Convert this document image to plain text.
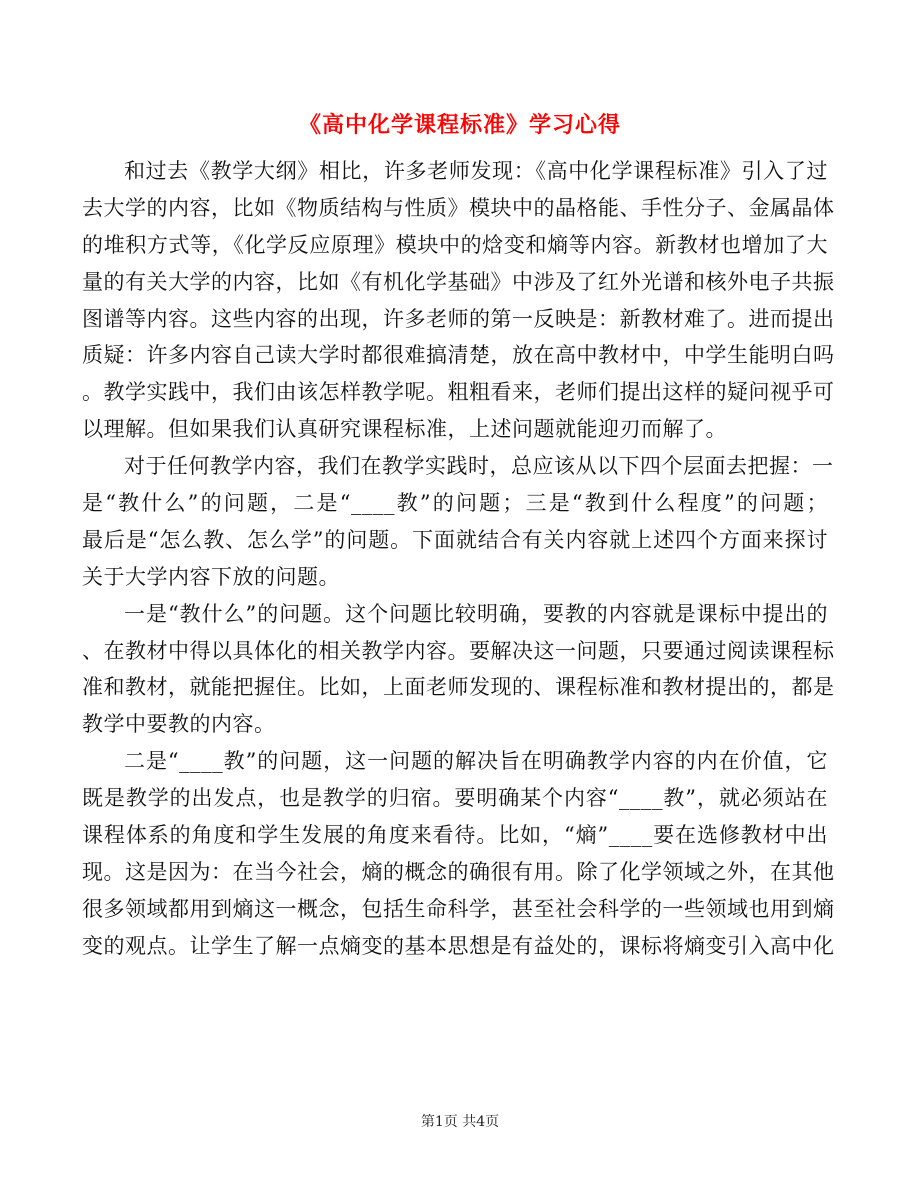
《高中化学课程标准》学习心得
和过去《教学大纲》相比，许多老师发现：《高中化学课程标准》引入了过
去大学的内容，比如《物质结构与性质》模块中的晶格能、手性分子、金属晶体
的堆积方式等，《化学反应原理》模块中的焓变和熵等内容。新教材也增加了大
量的有关大学的内容，比如《有机化学基础》中涉及了红外光谱和核外电子共振
图谱等内容。这些内容的出现，许多老师的第一反映是：新教材难了。进而提出
质疑：许多内容自己读大学时都很难搞清楚，放在高中教材中，中学生能明白吗
。教学实践中，我们由该怎样教学呢。粗粗看来，老师们提出这样的疑问视乎可
以理解。但如果我们认真研究课程标准，上述问题就能迎刃而解了。
对于任何教学内容，我们在教学实践时，总应该从以下四个层面去把握：一
是“教什么”的问题，二是“____教”的问题；三是“教到什么程度”的问题；
最后是“怎么教、怎么学”的问题。下面就结合有关内容就上述四个方面来探讨
关于大学内容下放的问题。
一是“教什么”的问题。这个问题比较明确，要教的内容就是课标中提出的
、在教材中得以具体化的相关教学内容。要解决这一问题，只要通过阅读课程标
准和教材，就能把握住。比如，上面老师发现的、课程标准和教材提出的，都是
教学中要教的内容。
二是“____教”的问题，这一问题的解决旨在明确教学内容的内在价值，它
既是教学的出发点，也是教学的归宿。要明确某个内容“____教”，就必须站在
课程体系的角度和学生发展的角度来看待。比如，“熵”____要在选修教材中出
现。这是因为：在当今社会，熵的概念的确很有用。除了化学领域之外，在其他
很多领域都用到熵这一概念，包括生命科学，甚至社会科学的一些领域也用到熵
变的观点。让学生了解一点熵变的基本思想是有益处的，课标将熵变引入高中化
第1页 共4页
